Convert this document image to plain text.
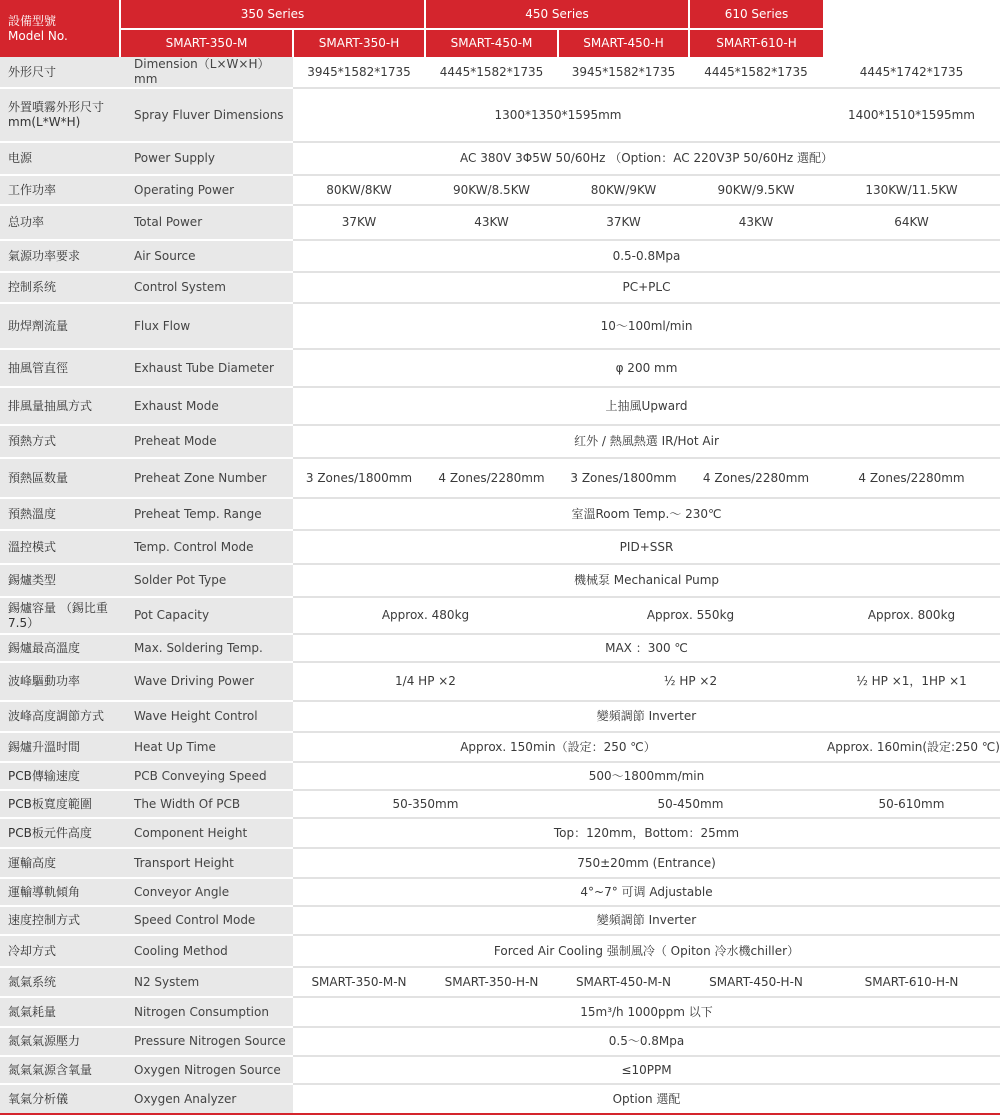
設備型號 Model No.	350 Series		450 Series		610 Series	
	SMART-350-M	SMART-350-H	SMART-450-M	SMART-450-H	SMART-610-H	
外形尺寸	Dimension（L×W×H）mm	3945*1582*1735	4445*1582*1735	3945*1582*1735	4445*1582*1735	4445*1742*1735
外置噴霧外形尺寸 mm(L*W*H)	Spray Fluver Dimensions	1300*1350*1595mm				1400*1510*1595mm
电源	Power Supply	AC 380V 3Φ5W 50/60Hz （Option：AC 220V3P 50/60Hz 選配）				
工作功率	Operating Power	80KW/8KW	90KW/8.5KW	80KW/9KW	90KW/9.5KW	130KW/11.5KW
总功率	Total Power	37KW	43KW	37KW	43KW	64KW
氣源功率要求	Air Source	0.5-0.8Mpa				
控制系统	Control System	PC+PLC				
助焊劑流量	Flux Flow	10～100ml/min				
抽風管直徑	Exhaust Tube Diameter	φ 200 mm				
排風量抽風方式	Exhaust Mode	上抽風Upward				
預熱方式	Preheat Mode	红外 / 熱風熱選 IR/Hot Air				
預熱區数量	Preheat Zone Number	3 Zones/1800mm	4 Zones/2280mm	3 Zones/1800mm	4 Zones/2280mm	4 Zones/2280mm
預熱溫度	Preheat Temp. Range	室溫Room Temp.～ 230℃				
溫控模式	Temp. Control Mode	PID+SSR				
錫爐类型	Solder Pot Type	機械泵 Mechanical Pump				
錫爐容量 （錫比重 7.5）	Pot Capacity	Approx. 480kg		Approx. 550kg		Approx. 800kg
錫爐最高溫度	Max. Soldering Temp.	MAX ：300 ℃				
波峰驅動功率	Wave Driving Power	1/4 HP ×2		½ HP ×2		½ HP ×1，1HP ×1
波峰高度調節方式	Wave Height Control	變頻調節 Inverter				
錫爐升溫时間	Heat Up Time	Approx. 150min（設定：250 ℃）				Approx. 160min(設定:250 ℃)
PCB傳输速度	PCB Conveying Speed	500～1800mm/min				
PCB板寬度範圍	The Width Of PCB	50-350mm		50-450mm		50-610mm
PCB板元件高度	Component Height	Top：120mm，Bottom：25mm				
運輸高度	Transport Height	750±20mm (Entrance)				
運輸導軌傾角	Conveyor Angle	4°~7° 可调 Adjustable				
速度控制方式	Speed Control Mode	變頻調節 Inverter				
冷却方式	Cooling Method	Forced Air Cooling 强制風冷（ Opiton 冷水機chiller）				
氮氣系统	N2 System	SMART-350-M-N	SMART-350-H-N	SMART-450-M-N	SMART-450-H-N	SMART-610-H-N
氮氣耗量	Nitrogen Consumption	15m³/h 1000ppm 以下				
氮氣氣源壓力	Pressure Nitrogen Source	0.5～0.8Mpa				
氮氣氣源含氧量	Oxygen Nitrogen Source	≤10PPM				
氧氣分析儀	Oxygen Analyzer	Option 選配				
